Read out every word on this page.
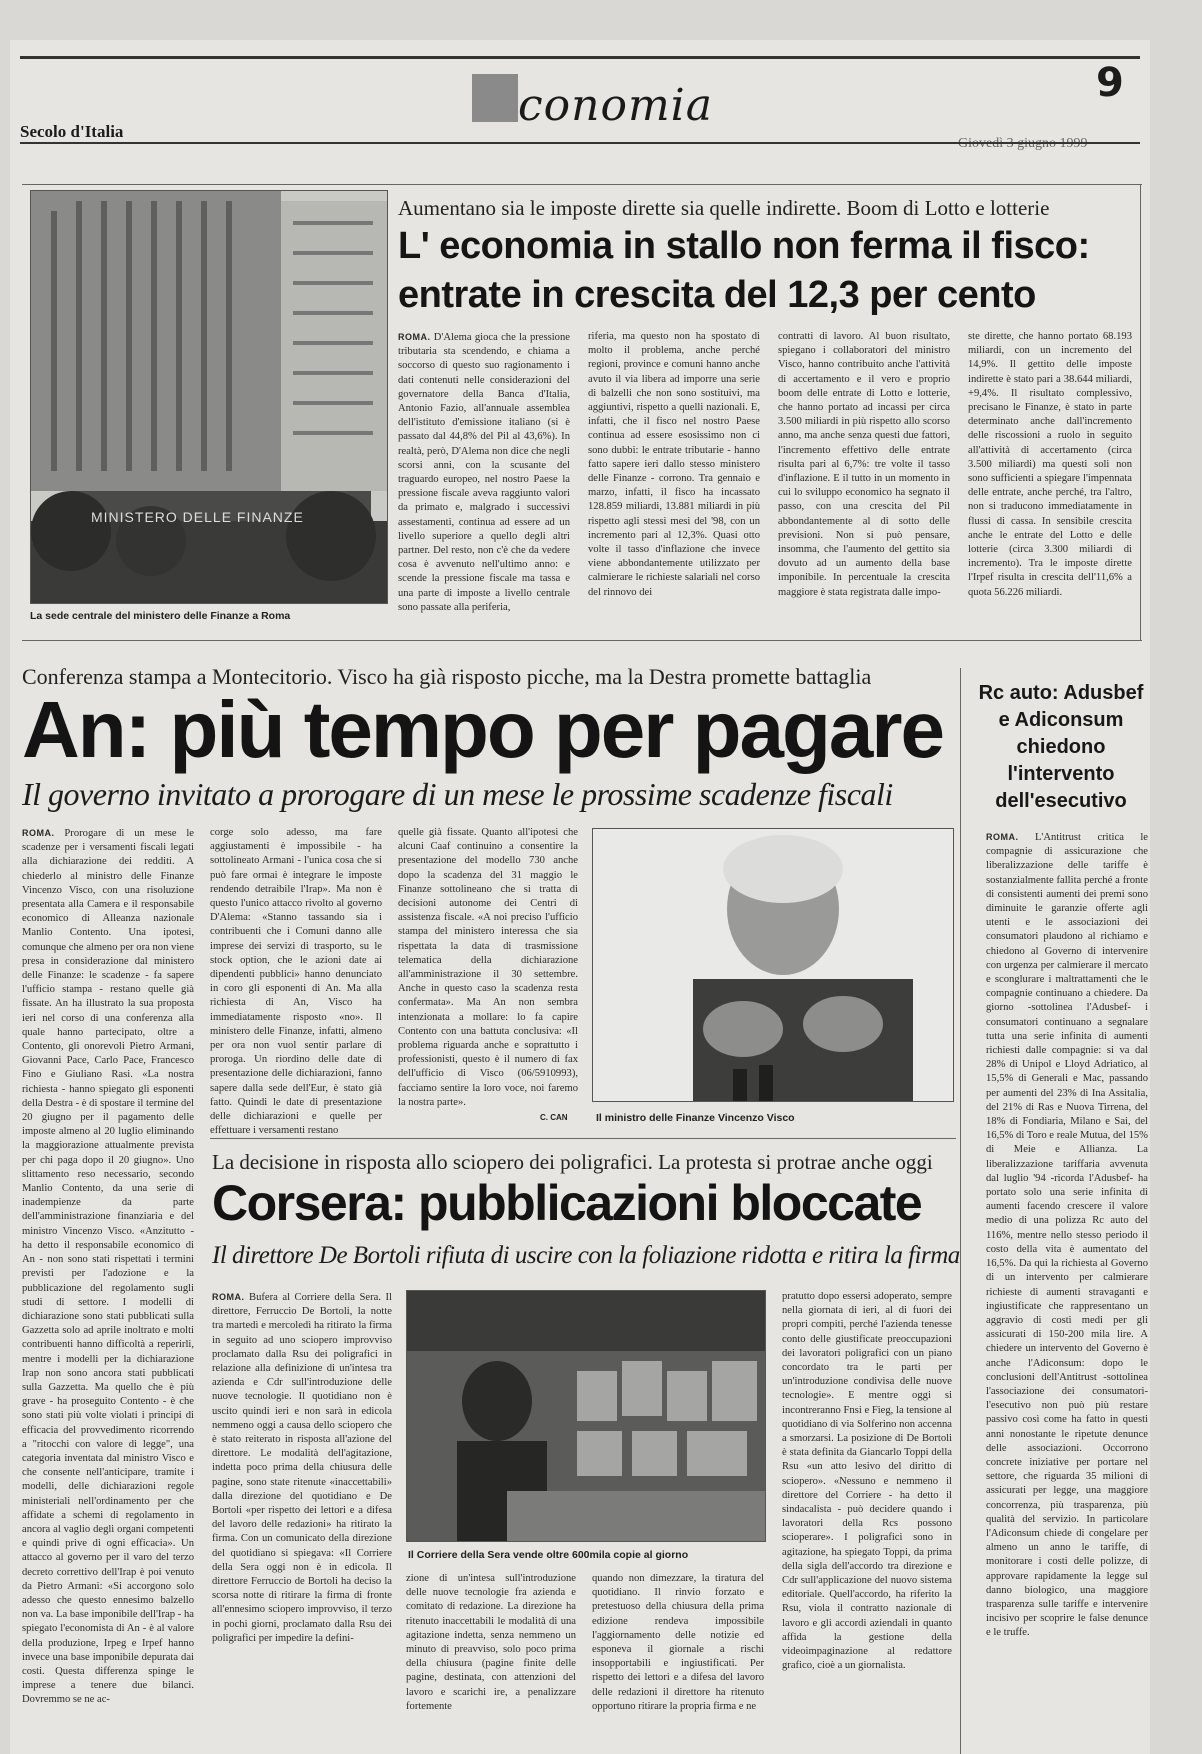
conomia	9
Secolo d'Italia
MINISTERO DELLE FINANZE
La sede centrale del ministero delle Finanze a Roma
Aumentano sia le imposte dirette sia quelle indirette. Boom di Lotto e lotterie
L' economia in stallo non ferma il fisco:
entrate in crescita del 12,3 per cento
ROMA. D'Alema gioca che la pressione tributaria sta scendendo, e chiama a soccorso di questo suo ragionamento i dati contenuti nelle considerazioni del governatore della Banca d'Italia, Antonio Fazio, all'annuale assemblea dell'istituto d'emissione italiano (si è passato dal 44,8% del Pil al 43,6%). In realtà, però, D'Alema non dice che negli scorsi anni, con la scusante del traguardo europeo, nel nostro Paese la pressione fiscale aveva raggiunto valori da primato e, malgrado i successivi assestamenti, continua ad essere ad un livello superiore a quello degli altri partner. Del resto, non c'è che da vedere cosa è avvenuto nell'ultimo anno: e scende la pressione fiscale ma tassa e una parte di imposte a livello centrale sono passate alla periferia,
riferia, ma questo non ha spostato di molto il problema, anche perché regioni, province e comuni hanno anche avuto il via libera ad imporre una serie di balzelli che non sono sostituivi, ma aggiuntivi, rispetto a quelli nazionali. E, infatti, che il fisco nel nostro Paese continua ad essere esosissimo non ci sono dubbi: le entrate tributarie - hanno fatto sapere ieri dallo stesso ministero delle Finanze - corrono. Tra gennaio e marzo, infatti, il fisco ha incassato 128.859 miliardi, 13.881 miliardi in più rispetto agli stessi mesi del '98, con un incremento pari al 12,3%. Quasi otto volte il tasso d'inflazione che invece viene abbondantemente utilizzato per calmierare le richieste salariali nel corso del rinnovo dei
contratti di lavoro. Al buon risultato, spiegano i collaboratori del ministro Visco, hanno contribuito anche l'attività di accertamento e il vero e proprio boom delle entrate di Lotto e lotterie, che hanno portato ad incassi per circa 3.500 miliardi in più rispetto allo scorso anno, ma anche senza questi due fattori, l'incremento effettivo delle entrate risulta pari al 6,7%: tre volte il tasso d'inflazione. E il tutto in un momento in cui lo sviluppo economico ha segnato il passo, con una crescita del Pil abbondantemente al di sotto delle previsioni. Non si può pensare, insomma, che l'aumento del gettito sia dovuto ad un aumento della base imponibile. In percentuale la crescita maggiore è stata registrata dalle impo-
ste dirette, che hanno portato 68.193 miliardi, con un incremento del 14,9%. Il gettito delle imposte indirette è stato pari a 38.644 miliardi, +9,4%. Il risultato complessivo, precisano le Finanze, è stato in parte determinato anche dall'incremento delle riscossioni a ruolo in seguito all'attività di accertamento (circa 3.500 miliardi) ma questi soli non sono sufficienti a spiegare l'impennata delle entrate, anche perché, tra l'altro, non si traducono immediatamente in flussi di cassa. In sensibile crescita anche le entrate del Lotto e delle lotterie (circa 3.300 miliardi di incremento). Tra le imposte dirette l'Irpef risulta in crescita dell'11,6% a quota 56.226 miliardi.
Conferenza stampa a Montecitorio. Visco ha già risposto picche, ma la Destra promette battaglia
An: più tempo per pagare
Il governo invitato a prorogare di un mese le prossime scadenze fiscali
Rc auto: Adusbef
e Adiconsum
chiedono
l'intervento
dell'esecutivo
ROMA. L'Antitrust critica le compagnie di assicurazione che liberalizzazione delle tariffe è sostanzialmente fallita perché a fronte di consistenti aumenti dei premi sono diminuite le garanzie offerte agli utenti e le associazioni dei consumatori plaudono al richiamo e chiedono al Governo di intervenire con urgenza per calmierare il mercato e sconglurare i maltrattamenti che le compagnie continuano a chiedere. Da giorno -sottolinea l'Adusbef- i consumatori continuano a segnalare tutta una serie infinita di aumenti richiesti dalle compagnie: si va dal 28% di Unipol e Lloyd Adriatico, al 15,5% di Generali e Mac, passando per aumenti del 23% di Ina Assitalia, del 21% di Ras e Nuova Tirrena, del 18% di Fondiaria, Milano e Sai, del 16,5% di Toro e reale Mutua, del 15% di Meie e Allianza. La liberalizzazione tariffaria avvenuta dal luglio '94 -ricorda l'Adusbef- ha portato solo una serie infinita di aumenti facendo crescere il valore medio di una polizza Rc auto del 116%, mentre nello stesso periodo il costo della vita è aumentato del 16,5%. Da qui la richiesta al Governo di un intervento per calmierare richieste di aumenti stravaganti e ingiustificate che rappresentano un aggravio di costi medi per gli assicurati di 150-200 mila lire. A chiedere un intervento del Governo è anche l'Adiconsum: dopo le conclusioni dell'Antitrust -sottolinea l'associazione dei consumatori- l'esecutivo non può più restare passivo così come ha fatto in questi anni nonostante le ripetute denunce delle associazioni. Occorrono concrete iniziative per portare nel settore, che riguarda 35 milioni di assicurati per legge, una maggiore concorrenza, più trasparenza, più qualità del servizio. In particolare l'Adiconsum chiede di congelare per almeno un anno le tariffe, di monitorare i costi delle polizze, di approvare rapidamente la legge sul danno biologico, una maggiore trasparenza sulle tariffe e intervenire incisivo per scoprire le false denunce e le truffe.
ROMA. Prorogare di un mese le scadenze per i versamenti fiscali legati alla dichiarazione dei redditi. A chiederlo al ministro delle Finanze Vincenzo Visco, con una risoluzione presentata alla Camera e il responsabile economico di Alleanza nazionale Manlio Contento. Una ipotesi, comunque che almeno per ora non viene presa in considerazione dal ministero delle Finanze: le scadenze - fa sapere l'ufficio stampa - restano quelle già fissate. An ha illustrato la sua proposta ieri nel corso di una conferenza alla quale hanno partecipato, oltre a Contento, gli onorevoli Pietro Armani, Giovanni Pace, Carlo Pace, Francesco Fino e Giuliano Rasi. «La nostra richiesta - hanno spiegato gli esponenti della Destra - è di spostare il termine del 20 giugno per il pagamento delle imposte almeno al 20 luglio eliminando la maggiorazione attualmente prevista per chi paga dopo il 20 giugno». Uno slittamento reso necessario, secondo Manlio Contento, da una serie di inadempienze da parte dell'amministrazione finanziaria e del ministro Vincenzo Visco. «Anzitutto - ha detto il responsabile economico di An - non sono stati rispettati i termini previsti per l'adozione e la pubblicazione del regolamento sugli studi di settore. I modelli di dichiarazione sono stati pubblicati sulla Gazzetta solo ad aprile inoltrato e molti contribuenti hanno difficoltà a reperirli, mentre i modelli per la dichiarazione Irap non sono ancora stati pubblicati sulla Gazzetta. Ma quello che è più grave - ha proseguito Contento - è che sono stati più volte violati i principi di efficacia del provvedimento ricorrendo a "ritocchi con valore di legge", una categoria inventata dal ministro Visco e che consente nell'anticipare, tramite i modelli, delle dichiarazioni regole ministeriali nell'ordinamento per che affidate a schemi di regolamento in ancora al vaglio degli organi competenti e quindi prive di ogni efficacia». Un attacco al governo per il varo del terzo decreto correttivo dell'Irap è poi venuto da Pietro Armani: «Si accorgono solo adesso che questo ennesimo balzello non va. La base imponibile dell'Irap - ha spiegato l'economista di An - è al valore della produzione, Irpeg e Irpef hanno invece una base imponibile depurata dai costi. Questa differenza spinge le imprese a tenere due bilanci. Dovremmo se ne ac-
corge solo adesso, ma fare aggiustamenti è impossibile - ha sottolineato Armani - l'unica cosa che si può fare ormai è integrare le imposte rendendo detraibile l'Irap». Ma non è questo l'unico attacco rivolto al governo D'Alema: «Stanno tassando sia i contribuenti che i Comuni danno alle imprese dei servizi di trasporto, su le stock option, che le azioni date ai dipendenti pubblici» hanno denunciato in coro gli esponenti di An. Ma alla richiesta di An, Visco ha immediatamente risposto «no». Il ministero delle Finanze, infatti, almeno per ora non vuol sentir parlare di proroga. Un riordino delle date di presentazione delle dichiarazioni, fanno sapere dalla sede dell'Eur, è stato già fatto. Quindi le date di presentazione delle dichiarazioni e quelle per effettuare i versamenti restano
quelle già fissate. Quanto all'ipotesi che alcuni Caaf continuino a consentire la presentazione del modello 730 anche dopo la scadenza del 31 maggio le Finanze sottolineano che si tratta di decisioni autonome dei Centri di assistenza fiscale. «A noi preciso l'ufficio stampa del ministero interessa che sia rispettata la data di trasmissione telematica della dichiarazione all'amministrazione il 30 settembre. Anche in questo caso la scadenza resta confermata». Ma An non sembra intenzionata a mollare: lo fa capire Contento con una battuta conclusiva: «Il problema riguarda anche e soprattutto i professionisti, questo è il numero di fax dell'ufficio di Visco (06/5910993), facciamo sentire la loro voce, noi faremo la nostra parte».
C. CAN	Il ministro delle Finanze Vincenzo Visco
La decisione in risposta allo sciopero dei poligrafici. La protesta si protrae anche oggi
Corsera: pubblicazioni bloccate
Il direttore De Bortoli rifiuta di uscire con la foliazione ridotta e ritira la firma
ROMA. Bufera al Corriere della Sera. Il direttore, Ferruccio De Bortoli, la notte tra martedì e mercoledì ha ritirato la firma in seguito ad uno sciopero improvviso proclamato dalla Rsu dei poligrafici in relazione alla definizione di un'intesa tra azienda e Cdr sull'introduzione delle nuove tecnologie. Il quotidiano non è uscito quindi ieri e non sarà in edicola nemmeno oggi a causa dello sciopero che è stato reiterato in risposta all'azione del direttore. Le modalità dell'agitazione, indetta poco prima della chiusura delle pagine, sono state ritenute «inaccettabili» dalla direzione del quotidiano e De Bortoli «per rispetto dei lettori e a difesa del lavoro delle redazioni» ha ritirato la firma. Con un comunicato della direzione del quotidiano si spiegava: «Il Corriere della Sera oggi non è in edicola. Il direttore Ferruccio de Bortoli ha deciso la scorsa notte di ritirare la firma di fronte all'ennesimo sciopero improvviso, il terzo in pochi giorni, proclamato dalla Rsu dei poligrafici per impedire la defini-
Il Corriere della Sera vende oltre 600mila copie al giorno
zione di un'intesa sull'introduzione delle nuove tecnologie fra azienda e comitato di redazione. La direzione ha ritenuto inaccettabili le modalità di una agitazione indetta, senza nemmeno un minuto di preavviso, solo poco prima della chiusura (pagine finite delle pagine, destinata, con attenzioni del lavoro e scarichi ire, a penalizzare fortemente
quando non dimezzare, la tiratura del quotidiano. Il rinvio forzato e pretestuoso della chiusura della prima edizione rendeva impossibile l'aggiornamento delle notizie ed esponeva il giornale a rischi insopportabili e ingiustificati. Per rispetto dei lettori e a difesa del lavoro delle redazioni il direttore ha ritenuto opportuno ritirare la propria firma e ne
pratutto dopo essersi adoperato, sempre nella giornata di ieri, al di fuori dei propri compiti, perché l'azienda tenesse conto delle giustificate preoccupazioni dei lavoratori poligrafici con un piano concordato tra le parti per un'introduzione condivisa delle nuove tecnologie». E mentre oggi si incontreranno Fnsi e Fieg, la tensione al quotidiano di via Solferino non accenna a smorzarsi. La posizione di De Bortoli è stata definita da Giancarlo Toppi della Rsu «un atto lesivo del diritto di sciopero». «Nessuno e nemmeno il direttore del Corriere - ha detto il sindacalista - può decidere quando i lavoratori della Rcs possono scioperare». I poligrafici sono in agitazione, ha spiegato Toppi, da prima della sigla dell'accordo tra direzione e Cdr sull'applicazione del nuovo sistema editoriale. Quell'accordo, ha riferito la Rsu, viola il contratto nazionale di lavoro e gli accordi aziendali in quanto affida la gestione della videoimpaginazione al redattore grafico, cioè a un giornalista.
